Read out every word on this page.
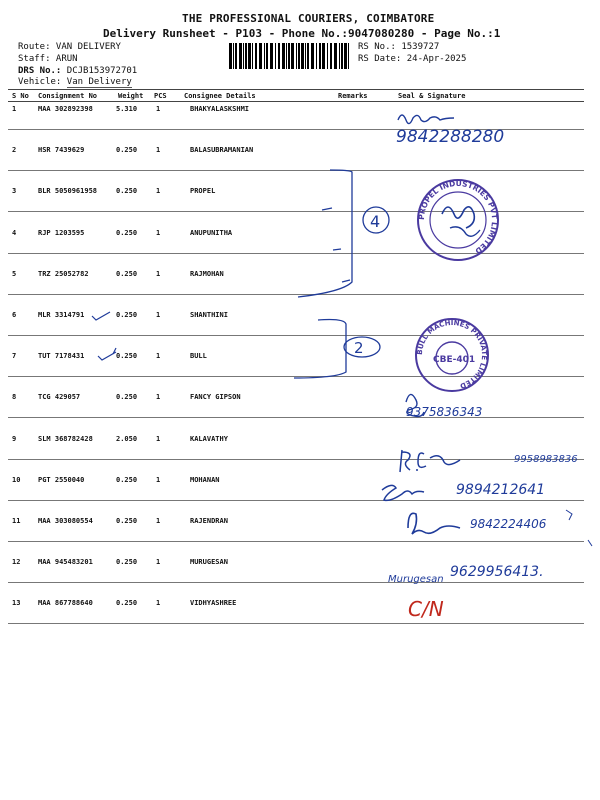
THE PROFESSIONAL COURIERS, COIMBATORE
Delivery Runsheet - P103 - Phone No.:9047080280 - Page No.:1
Route: VAN DELIVERY
Staff: ARUN
DRS No.: DCJB153972701
Vehicle: Van Delivery
RS No.: 1539727
RS Date: 24-Apr-2025
S No Consignment No	Weight PCS Consignee Details	Remarks	Seal & Signature
1	MAA 302892398	5.310	1	BHAKYALASKSHMI
2	HSR 7439629	0.250	1	BALASUBRAMANIAN
3	BLR 5050961958	0.250	1	PROPEL
4	RJP 1203595	0.250	1	ANUPUNITHA
5	TRZ 25052782	0.250	1	RAJMOHAN
6	MLR 3314791	0.250	1	SHANTHINI
7	TUT 7178431	0.250	1	BULL
8	TCG 429057	0.250	1	FANCY GIPSON
9	SLM 368782428	2.050	1	KALAVATHY
10	PGT 2550040	0.250	1	MOHANAN
11	MAA 303080554	0.250	1	RAJENDRAN
12	MAA 945483201	0.250	1	MURUGESAN
13	MAA 867788640	0.250	1	VIDHYASHREE
9842288280
4	PROPEL INDUSTRIES PVT LIMITED
2	BULL MACHINES PRIVATE LIMITED
CBE-401
9375836343
9958983836
9894212641
9842224406
Murugesan 9629956413.
C/N
